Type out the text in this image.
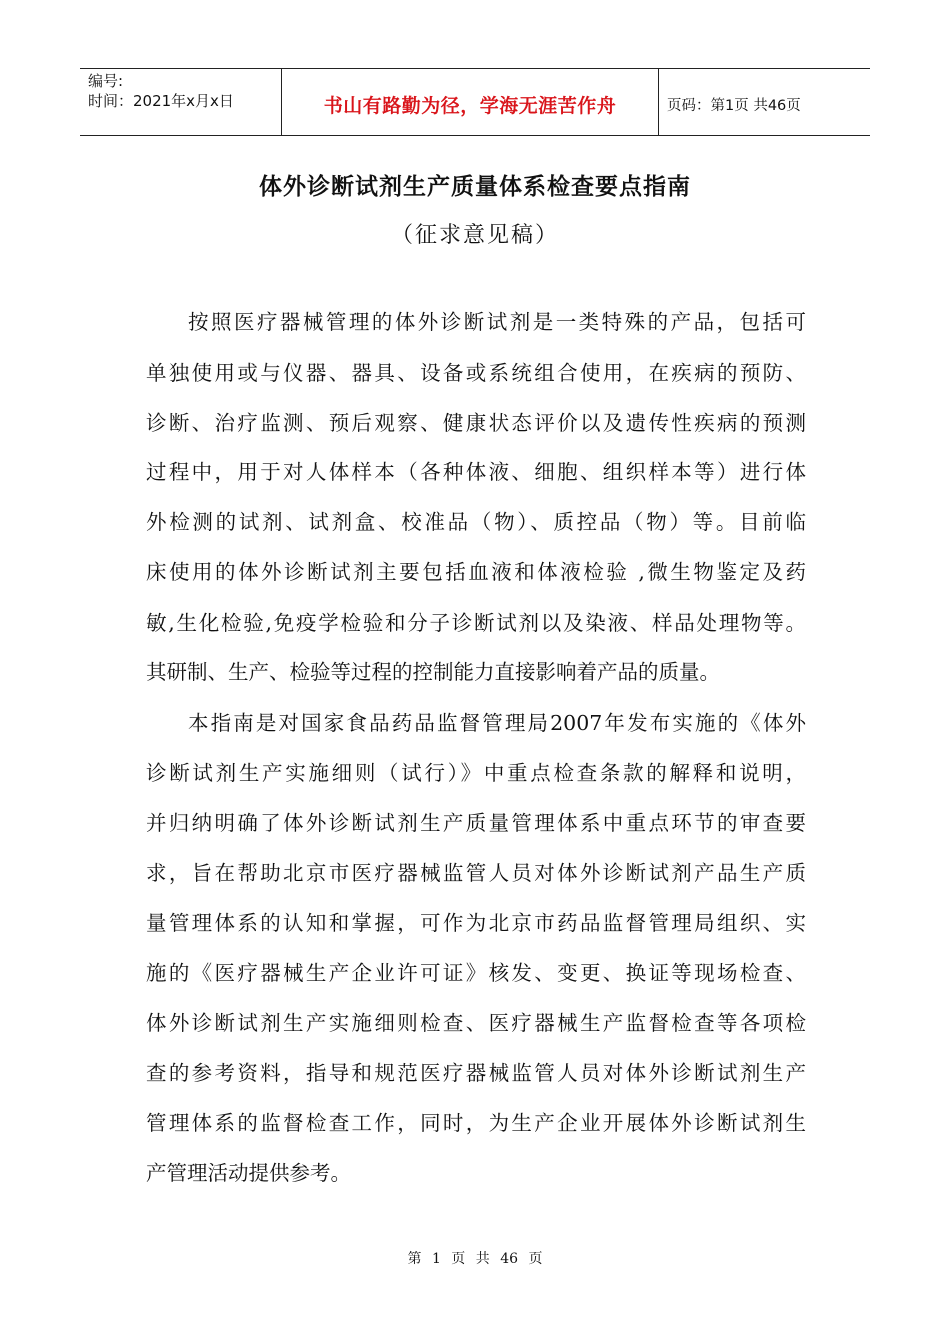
编号:
时间：2021年x月x日	书山有路勤为径，学海无涯苦作舟	页码：第1页 共46页
体外诊断试剂生产质量体系检查要点指南
（征求意见稿）
按照医疗器械管理的体外诊断试剂是一类特殊的产品，包括可
单独使用或与仪器、器具、设备或系统组合使用，在疾病的预防、
诊断、治疗监测、预后观察、健康状态评价以及遗传性疾病的预测
过程中，用于对人体样本（各种体液、细胞、组织样本等）进行体
外检测的试剂、试剂盒、校准品（物）、质控品（物）等。目前临
床使用的体外诊断试剂主要包括血液和体液检验 ,微生物鉴定及药
敏,生化检验,免疫学检验和分子诊断试剂以及染液、样品处理物等。
其研制、生产、检验等过程的控制能力直接影响着产品的质量。
本指南是对国家食品药品监督管理局2007年发布实施的《体外
诊断试剂生产实施细则（试行）》中重点检查条款的解释和说明，
并归纳明确了体外诊断试剂生产质量管理体系中重点环节的审查要
求，旨在帮助北京市医疗器械监管人员对体外诊断试剂产品生产质
量管理体系的认知和掌握，可作为北京市药品监督管理局组织、实
施的《医疗器械生产企业许可证》核发、变更、换证等现场检查、
体外诊断试剂生产实施细则检查、医疗器械生产监督检查等各项检
查的参考资料，指导和规范医疗器械监管人员对体外诊断试剂生产
管理体系的监督检查工作，同时，为生产企业开展体外诊断试剂生
产管理活动提供参考。
第 1 页 共 46 页
